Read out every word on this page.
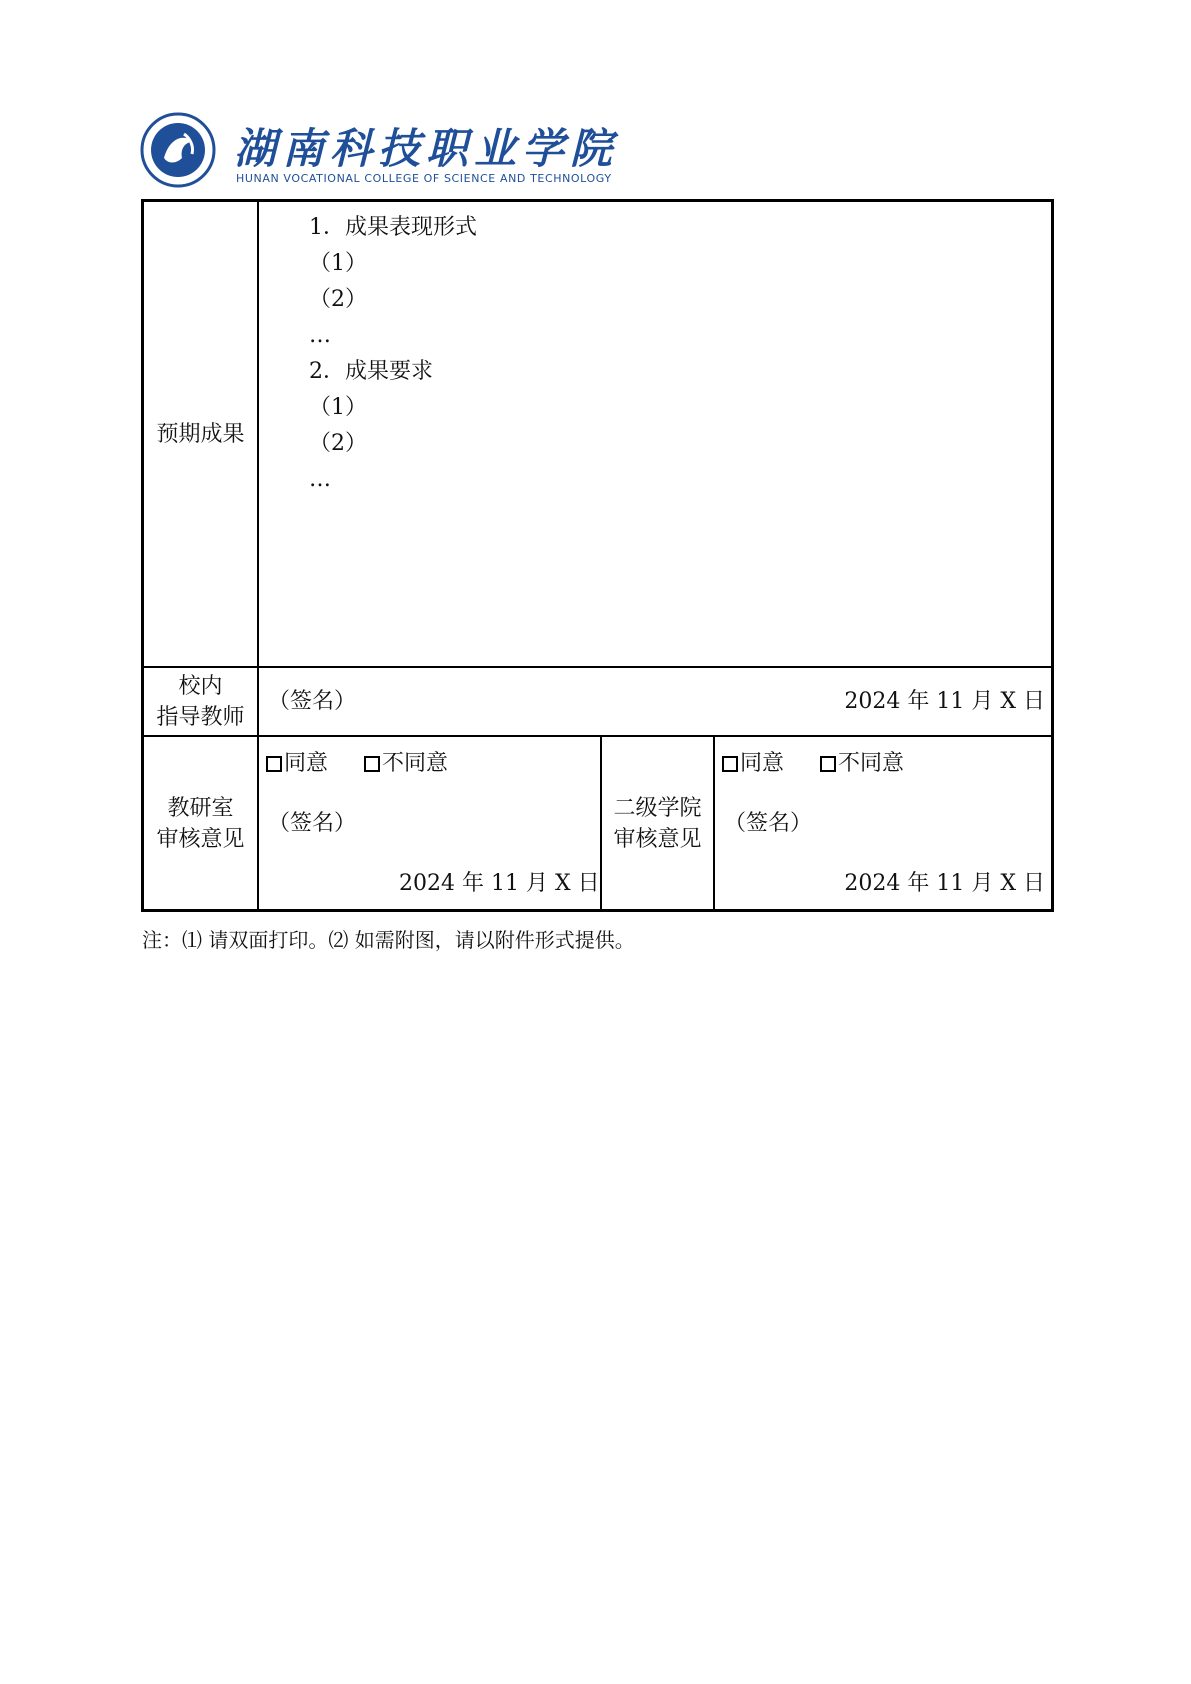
湖南科技职业学院
HUNAN VOCATIONAL COLLEGE OF SCIENCE AND TECHNOLOGY
预期成果
1．成果表现形式
（1）
（2）
…
2．成果要求
（1）
（2）
…
校内
指导教师
（签名）	2024 年 11 月 X 日
教研室
审核意见
同意 不同意
（签名）
2024 年 11 月 X 日
二级学院
审核意见
同意 不同意
（签名）
2024 年 11 月 X 日
注：⑴ 请双面打印。⑵ 如需附图，请以附件形式提供。
